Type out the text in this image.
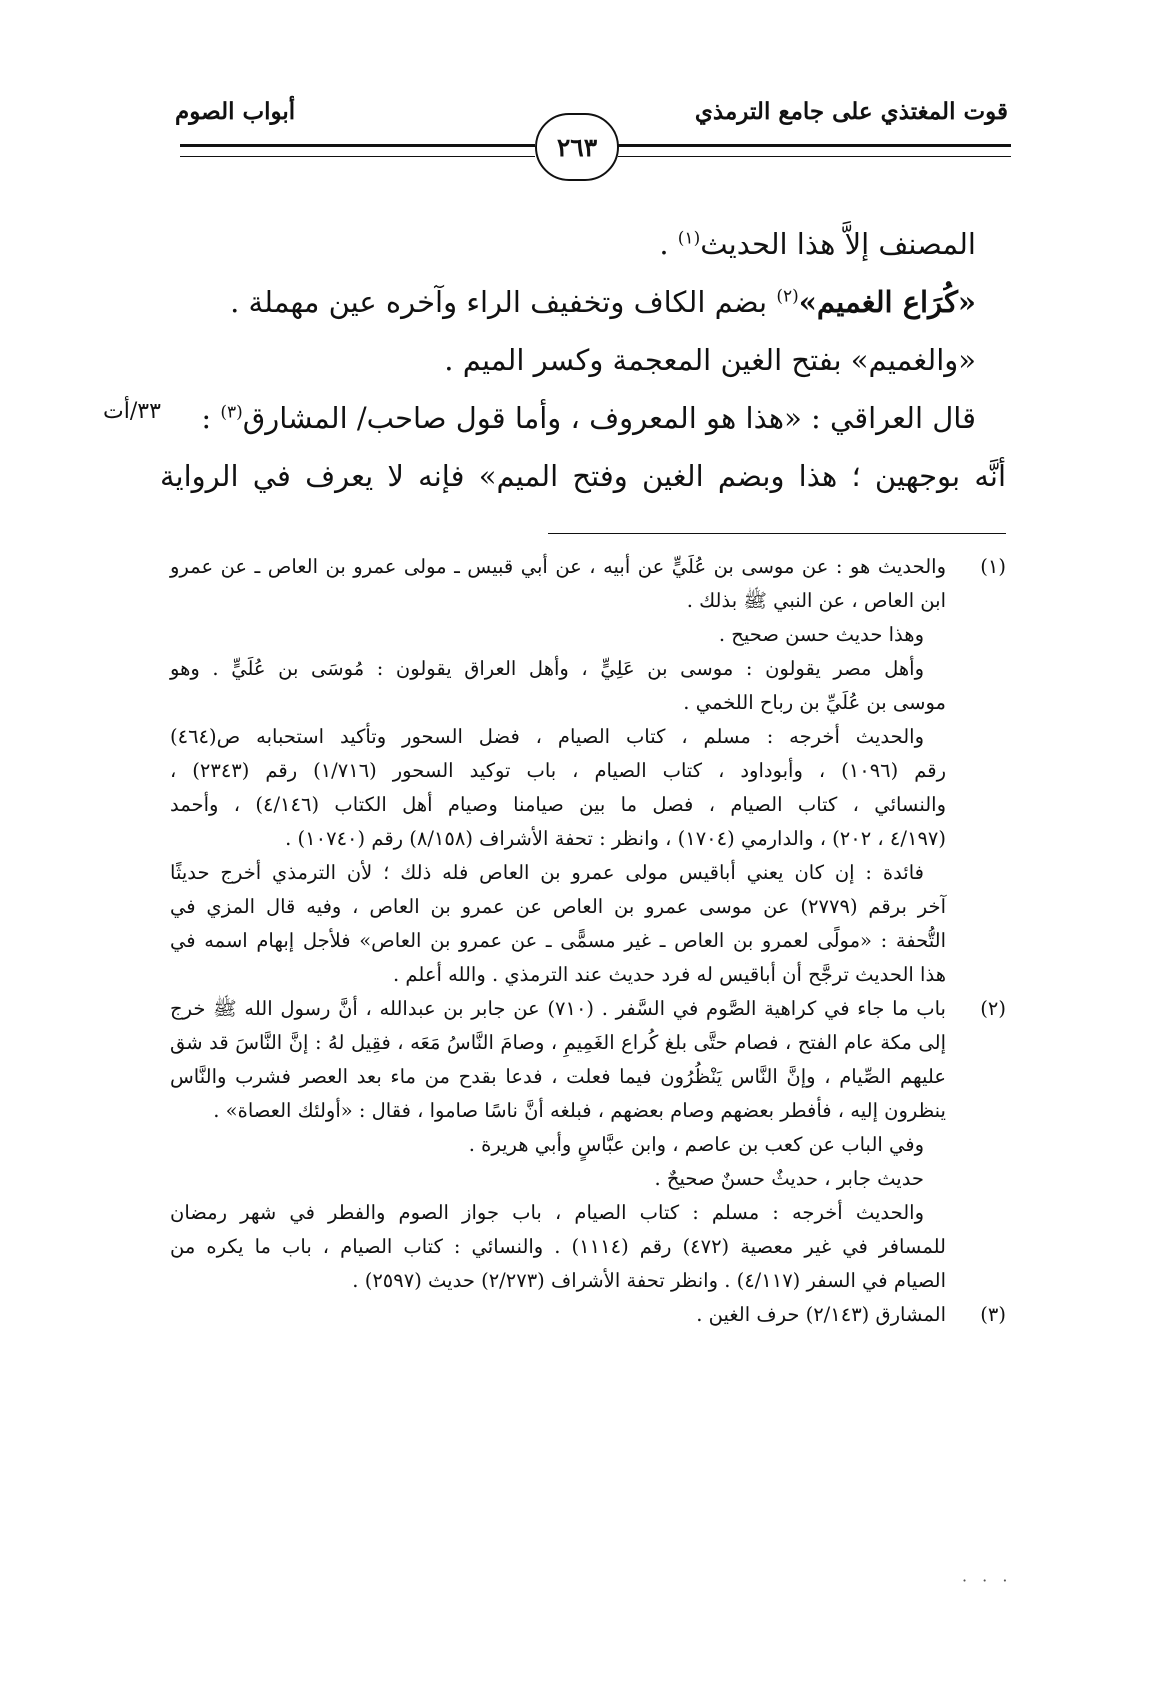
قوت المغتذي على جامع الترمذي
أبواب الصوم
٢٦٣
المصنف إلاَّ هذا الحديث$^{(١)}$ .
«كُرَاع الغميم»$^{(٢)}$ بضم الكاف وتخفيف الراء وآخره عين مهملة .
«والغميم» بفتح الغين المعجمة وكسر الميم .
قال العراقي : «هذا هو المعروف ، وأما قول صاحب/ المشارق$^{(٣)}$ :
أنَّه بوجهين ؛ هذا وبضم الغين وفتح الميم» فإنه لا يعرف في الرواية
٣٣/أت
(١)
والحديث هو : عن موسى بن عُلَيٍّ عن أبيه ، عن أبي قبيس ـ مولى عمرو بن العاص ـ عن عمرو
ابن العاص ، عن النبي ﷺ بذلك .
وهذا حديث حسن صحيح .
وأهل مصر يقولون : موسى بن عَلِيٍّ ، وأهل العراق يقولون : مُوسَى بن عُلَيٍّ . وهو
موسى بن عُلَيِّ بن رباح اللخمي .
والحديث أخرجه : مسلم ، كتاب الصيام ، فضل السحور وتأكيد استحبابه ص(٤٦٤)
رقم (١٠٩٦) ، وأبوداود ، كتاب الصيام ، باب توكيد السحور (١/٧١٦) رقم (٢٣٤٣) ،
والنسائي ، كتاب الصيام ، فصل ما بين صيامنا وصيام أهل الكتاب (٤/١٤٦) ، وأحمد
(٤/١٩٧ ، ٢٠٢) ، والدارمي (١٧٠٤) ، وانظر : تحفة الأشراف (٨/١٥٨) رقم (١٠٧٤٠) .
فائدة : إن كان يعني أباقيس مولى عمرو بن العاص فله ذلك ؛ لأن الترمذي أخرج حديثًا
آخر برقم (٢٧٧٩) عن موسى عمرو بن العاص عن عمرو بن العاص ، وفيه قال المزي في
التُّحفة : «مولًى لعمرو بن العاص ـ غير مسمًّى ـ عن عمرو بن العاص» فلأجل إبهام اسمه في
هذا الحديث ترجَّح أن أباقيس له فرد حديث عند الترمذي . والله أعلم .
(٢)
باب ما جاء في كراهية الصَّوم في السَّفر . (٧١٠) عن جابر بن عبدالله ، أنَّ رسول الله ﷺ خرج
إلى مكة عام الفتح ، فصام حتَّى بلغ كُراع الغَمِيمِ ، وصامَ النَّاسُ مَعَه ، فقِيل لهُ : إنَّ النَّاسَ قد شق
عليهم الصِّيام ، وإنَّ النَّاس يَنْظُرُون فيما فعلت ، فدعا بقدح من ماء بعد العصر فشرب والنَّاس
ينظرون إليه ، فأفطر بعضهم وصام بعضهم ، فبلغه أنَّ ناسًا صاموا ، فقال : «أولئك العصاة» .
وفي الباب عن كعب بن عاصم ، وابن عبَّاسٍ وأبي هريرة .
حديث جابر ، حديثٌ حسنٌ صحيحٌ .
والحديث أخرجه : مسلم : كتاب الصيام ، باب جواز الصوم والفطر في شهر رمضان
للمسافر في غير معصية (٤٧٢) رقم (١١١٤) . والنسائي : كتاب الصيام ، باب ما يكره من
الصيام في السفر (٤/١١٧) . وانظر تحفة الأشراف (٢/٢٧٣) حديث (٢٥٩٧) .
(٣)
المشارق (٢/١٤٣) حرف الغين .
· · ·
